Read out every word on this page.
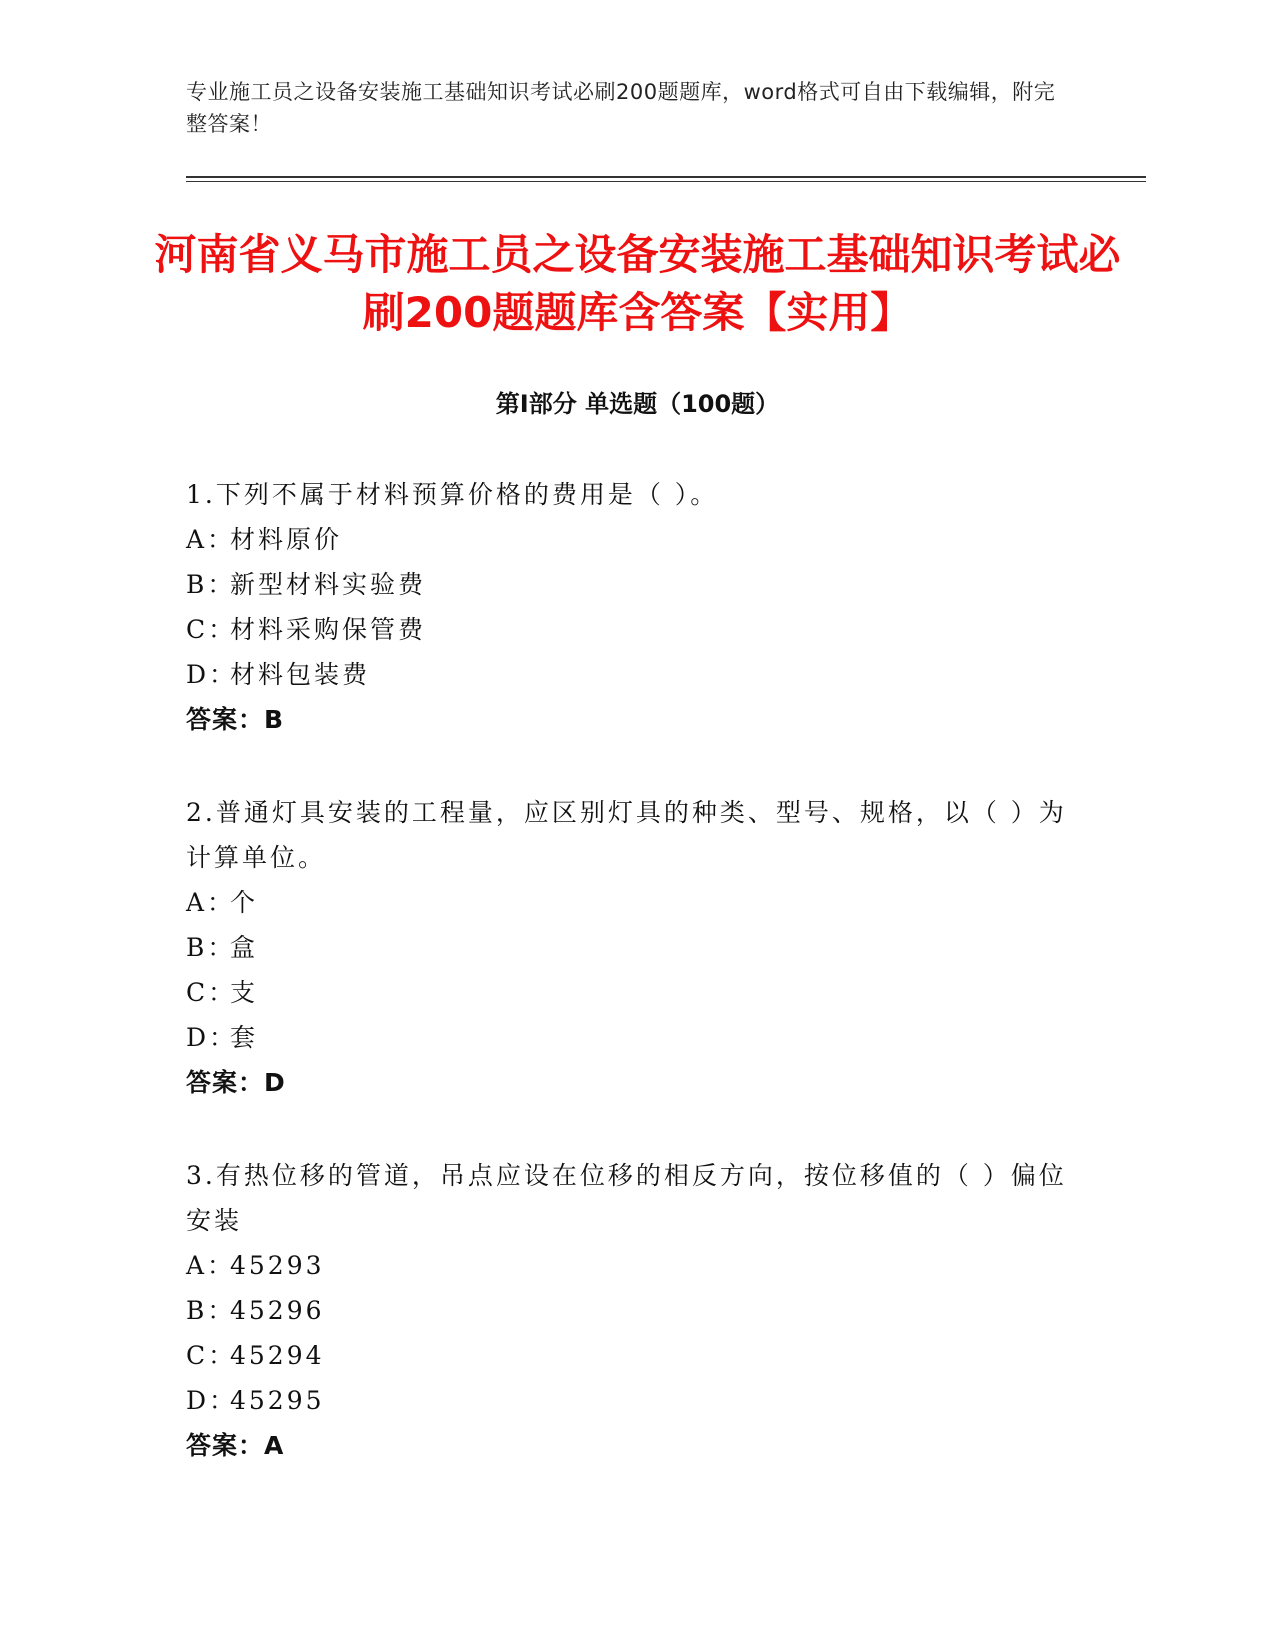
专业施工员之设备安装施工基础知识考试必刷200题题库，word格式可自由下载编辑，附完整答案！
河南省义马市施工员之设备安装施工基础知识考试必刷200题题库含答案【实用】
第I部分 单选题（100题）

1.下列不属于材料预算价格的费用是（ ）。

A：
材料原价
B：
新型材料实验费
C：
材料采购保管费
D：
材料包装费
答案：B

2.普通灯具安装的工程量，应区别灯具的种类、型号、规格，以（ ）为计算单位。

A：
个
B：
盒
C：
支
D：
套
答案：D

3.有热位移的管道，吊点应设在位移的相反方向，按位移值的（ ）偏位安装

A：
45293
B：
45296
C：
45294
D：
45295
答案：A
